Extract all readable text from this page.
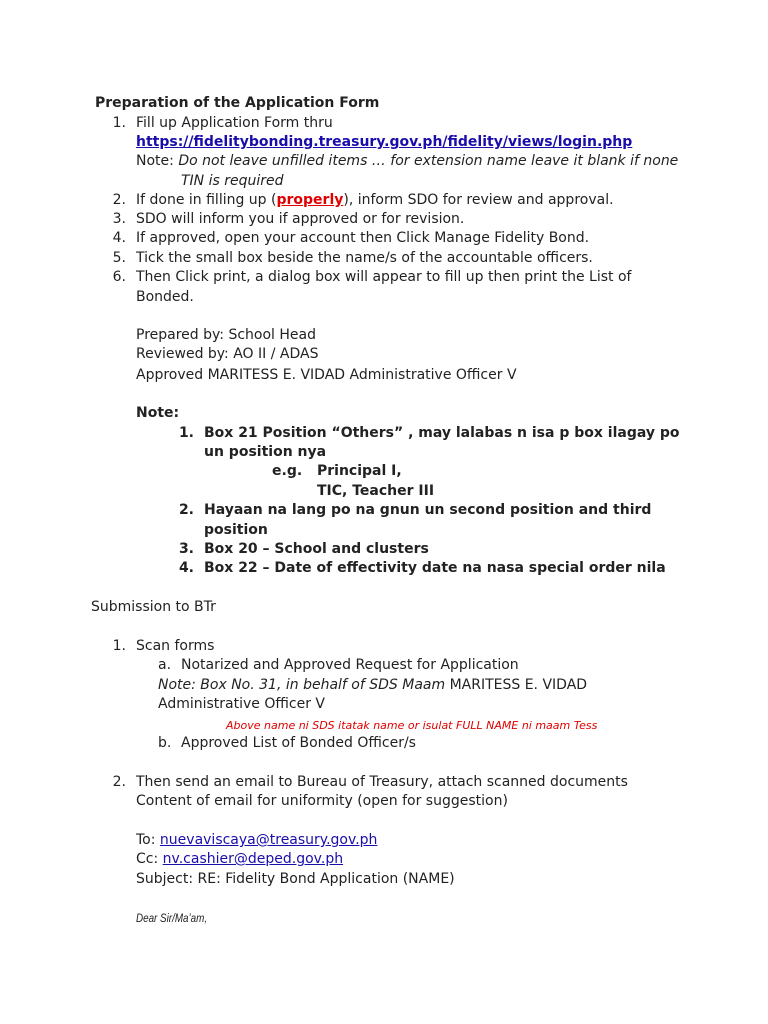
Preparation of the Application Form
1. Fill up Application Form thru
https://fidelitybonding.treasury.gov.ph/fidelity/views/login.php
Note: Do not leave unfilled items … for extension name leave it blank if none
TIN is required
2. If done in filling up (properly), inform SDO for review and approval.
3. SDO will inform you if approved or for revision.
4. If approved, open your account then Click Manage Fidelity Bond.
5. Tick the small box beside the name/s of the accountable officers.
6. Then Click print, a dialog box will appear to fill up then print the List of
Bonded.
Prepared by: School Head
Reviewed by: AO II / ADAS
Approved MARITESS E. VIDAD Administrative Officer V
Note:
1. Box 21 Position “Others” , may lalabas n isa p box ilagay po
un position nya
e.g. Principal I,
TIC, Teacher III
2. Hayaan na lang po na gnun un second position and third
position
3. Box 20 – School and clusters
4. Box 22 – Date of effectivity date na nasa special order nila
Submission to BTr
1. Scan forms
a. Notarized and Approved Request for Application
Note: Box No. 31, in behalf of SDS Maam MARITESS E. VIDAD
Administrative Officer V
Above name ni SDS itatak name or isulat FULL NAME ni maam Tess
b. Approved List of Bonded Officer/s
2. Then send an email to Bureau of Treasury, attach scanned documents
Content of email for uniformity (open for suggestion)
To: nuevaviscaya@treasury.gov.ph
Cc: nv.cashier@deped.gov.ph
Subject: RE: Fidelity Bond Application (NAME)
Dear Sir/Ma’am,
